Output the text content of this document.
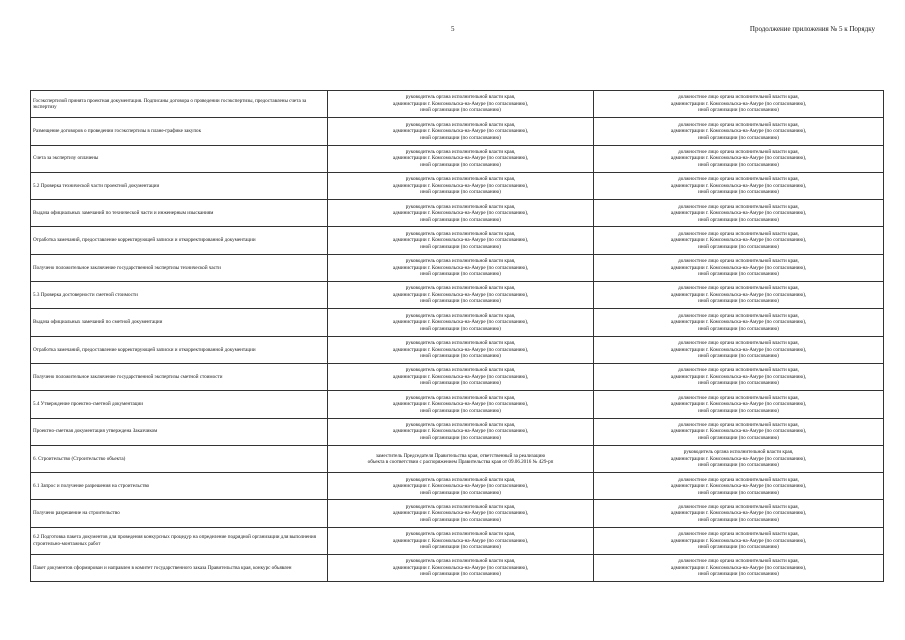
5	Продолжение приложения № 5 к Порядку
Госэкспертизой принята проектная документация. Подписаны договора о проведении госэкспертизы, предоставлены счета за экспертизу	руководитель органа исполнительной власти края,
администрации г. Комсомольска-на-Амуре (по согласованию),
иной организации (по согласованию)	должностное лицо органа исполнительной власти края,
администрации г. Комсомольска-на-Амуре (по согласованию),
иной организации (по согласованию)

Размещение договоров о проведении госэкспертизы в плане-графике закупок	руководитель органа исполнительной власти края,
администрации г. Комсомольска-на-Амуре (по согласованию),
иной организации (по согласованию)	должностное лицо органа исполнительной власти края,
администрации г. Комсомольска-на-Амуре (по согласованию),
иной организации (по согласованию)

Счета за экспертизу оплачены	руководитель органа исполнительной власти края,
администрации г. Комсомольска-на-Амуре (по согласованию),
иной организации (по согласованию)	должностное лицо органа исполнительной власти края,
администрации г. Комсомольска-на-Амуре (по согласованию),
иной организации (по согласованию)

5.2 Проверка технической части проектной документации	руководитель органа исполнительной власти края,
администрации г. Комсомольска-на-Амуре (по согласованию),
иной организации (по согласованию)	должностное лицо органа исполнительной власти края,
администрации г. Комсомольска-на-Амуре (по согласованию),
иной организации (по согласованию)

Выдача официальных замечаний по технической части и инженерным изысканиям	руководитель органа исполнительной власти края,
администрации г. Комсомольска-на-Амуре (по согласованию),
иной организации (по согласованию)	должностное лицо органа исполнительной власти края,
администрации г. Комсомольска-на-Амуре (по согласованию),
иной организации (по согласованию)

Отработка замечаний, предоставление корректирующей записки и откорректированной документации	руководитель органа исполнительной власти края,
администрации г. Комсомольска-на-Амуре (по согласованию),
иной организации (по согласованию)	должностное лицо органа исполнительной власти края,
администрации г. Комсомольска-на-Амуре (по согласованию),
иной организации (по согласованию)

Получено положительное заключение государственной экспертизы технической части	руководитель органа исполнительной власти края,
администрации г. Комсомольска-на-Амуре (по согласованию),
иной организации (по согласованию)	должностное лицо органа исполнительной власти края,
администрации г. Комсомольска-на-Амуре (по согласованию),
иной организации (по согласованию)

5.3 Проверка достоверности сметной стоимости	руководитель органа исполнительной власти края,
администрации г. Комсомольска-на-Амуре (по согласованию),
иной организации (по согласованию)	должностное лицо органа исполнительной власти края,
администрации г. Комсомольска-на-Амуре (по согласованию),
иной организации (по согласованию)

Выдача официальных замечаний по сметной документации	руководитель органа исполнительной власти края,
администрации г. Комсомольска-на-Амуре (по согласованию),
иной организации (по согласованию)	должностное лицо органа исполнительной власти края,
администрации г. Комсомольска-на-Амуре (по согласованию),
иной организации (по согласованию)

Отработка замечаний, предоставление корректирующей записки и откорректированной документации	руководитель органа исполнительной власти края,
администрации г. Комсомольска-на-Амуре (по согласованию),
иной организации (по согласованию)	должностное лицо органа исполнительной власти края,
администрации г. Комсомольска-на-Амуре (по согласованию),
иной организации (по согласованию)

Получено положительное заключение государственной экспертизы сметной стоимости	руководитель органа исполнительной власти края,
администрации г. Комсомольска-на-Амуре (по согласованию),
иной организации (по согласованию)	должностное лицо органа исполнительной власти края,
администрации г. Комсомольска-на-Амуре (по согласованию),
иной организации (по согласованию)

5.4 Утверждение проектно-сметной документации	руководитель органа исполнительной власти края,
администрации г. Комсомольска-на-Амуре (по согласованию),
иной организации (по согласованию)	должностное лицо органа исполнительной власти края,
администрации г. Комсомольска-на-Амуре (по согласованию),
иной организации (по согласованию)

Проектно-сметная документация утверждена Заказчиком	руководитель органа исполнительной власти края,
администрации г. Комсомольска-на-Амуре (по согласованию),
иной организации (по согласованию)	должностное лицо органа исполнительной власти края,
администрации г. Комсомольска-на-Амуре (по согласованию),
иной организации (по согласованию)

6. Строительство (Строительство объекта)	заместитель Председателя Правительства края, ответственный за реализацию
объекта в соответствии с распоряжением Правительства края от 09.06.2016 № 429-рп	руководитель органа исполнительной власти края,
администрации г. Комсомольска-на-Амуре (по согласованию),
иной организации (по согласованию)

6.1 Запрос и получение разрешения на строительство	руководитель органа исполнительной власти края,
администрации г. Комсомольска-на-Амуре (по согласованию),
иной организации (по согласованию)	должностное лицо органа исполнительной власти края,
администрации г. Комсомольска-на-Амуре (по согласованию),
иной организации (по согласованию)

Получено разрешение на строительство	руководитель органа исполнительной власти края,
администрации г. Комсомольска-на-Амуре (по согласованию),
иной организации (по согласованию)	должностное лицо органа исполнительной власти края,
администрации г. Комсомольска-на-Амуре (по согласованию),
иной организации (по согласованию)

6.2 Подготовка пакета документов для проведения конкурсных процедур на определение подрядной организации для выполнения строительно-монтажных работ	руководитель органа исполнительной власти края,
администрации г. Комсомольска-на-Амуре (по согласованию),
иной организации (по согласованию)	должностное лицо органа исполнительной власти края,
администрации г. Комсомольска-на-Амуре (по согласованию),
иной организации (по согласованию)

Пакет документов сформирован и направлен в комитет государственного заказа Правительства края, конкурс объявлен	руководитель органа исполнительной власти края,
администрации г. Комсомольска-на-Амуре (по согласованию),
иной организации (по согласованию)	должностное лицо органа исполнительной власти края,
администрации г. Комсомольска-на-Амуре (по согласованию),
иной организации (по согласованию)
